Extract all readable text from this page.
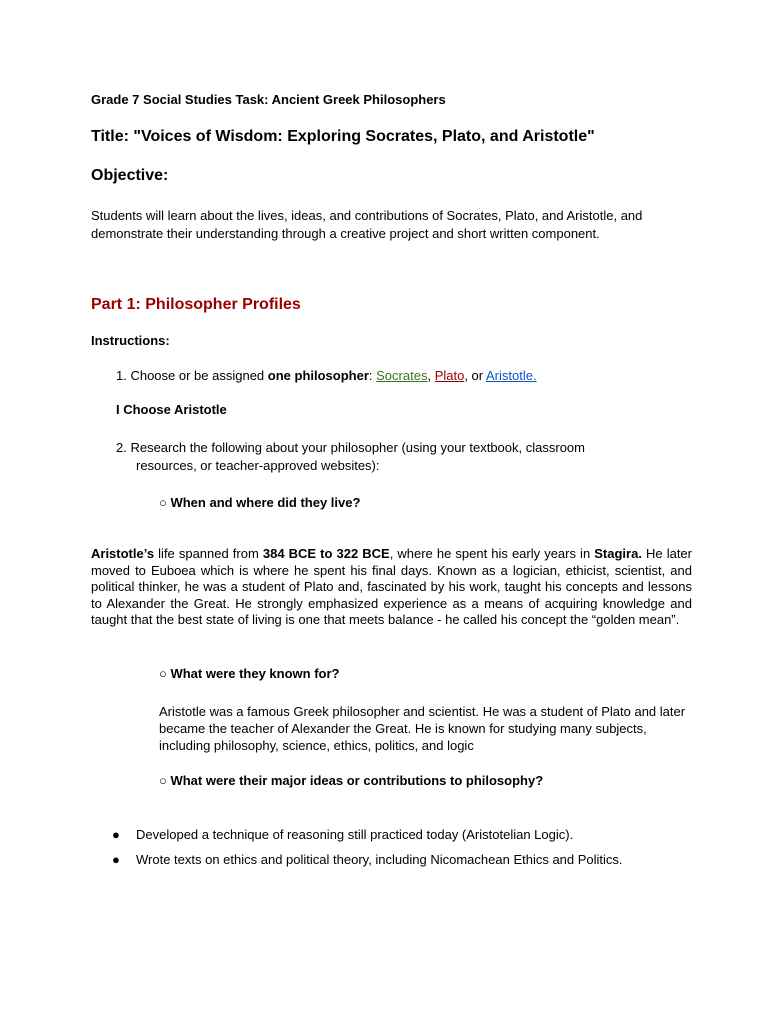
Grade 7 Social Studies Task: Ancient Greek Philosophers

Title: "Voices of Wisdom: Exploring Socrates, Plato, and Aristotle"

Objective:

Students will learn about the lives, ideas, and contributions of Socrates, Plato, and Aristotle, and demonstrate their understanding through a creative project and short written component.

Part 1: Philosopher Profiles

Instructions:

1. Choose or be assigned one philosopher: Socrates, Plato, or Aristotle.

I Choose Aristotle

2. Research the following about your philosopher (using your textbook, classroom
resources, or teacher-approved websites):

○ When and where did they live?

Aristotle’s life spanned from 384 BCE to 322 BCE, where he spent his early years in Stagira. He later moved to Euboea which is where he spent his final days. Known as a logician, ethicist, scientist, and political thinker, he was a student of Plato and, fascinated by his work, taught his concepts and lessons to Alexander the Great. He strongly emphasized experience as a means of acquiring knowledge and taught that the best state of living is one that meets balance - he called his concept the “golden mean”.

○ What were they known for?

Aristotle was a famous Greek philosopher and scientist. He was a student of Plato and later became the teacher of Alexander the Great. He is known for studying many subjects, including philosophy, science, ethics, politics, and logic

○ What were their major ideas or contributions to philosophy?

● Developed a technique of reasoning still practiced today (Aristotelian Logic).
● Wrote texts on ethics and political theory, including Nicomachean Ethics and Politics.
